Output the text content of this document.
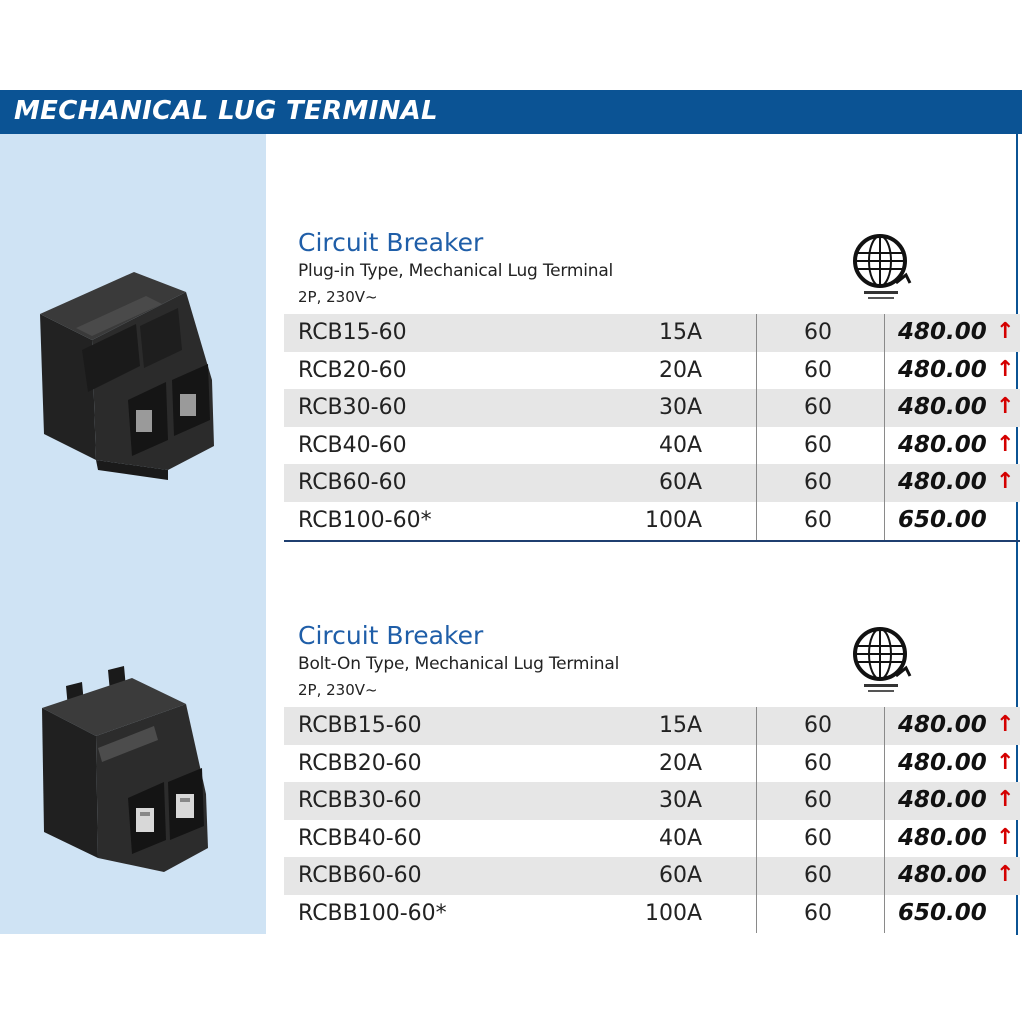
MECHANICAL LUG TERMINAL
Circuit Breaker
Plug-in Type, Mechanical Lug Terminal
2P, 230V~
RCB15-60	15A	60	480.00 ↑
RCB20-60	20A	60	480.00 ↑
RCB30-60	30A	60	480.00 ↑
RCB40-60	40A	60	480.00 ↑
RCB60-60	60A	60	480.00 ↑
RCB100-60*	100A	60	650.00
Circuit Breaker
Bolt-On Type, Mechanical Lug Terminal
2P, 230V~
RCBB15-60	15A	60	480.00 ↑
RCBB20-60	20A	60	480.00 ↑
RCBB30-60	30A	60	480.00 ↑
RCBB40-60	40A	60	480.00 ↑
RCBB60-60	60A	60	480.00 ↑
RCBB100-60*	100A	60	650.00
